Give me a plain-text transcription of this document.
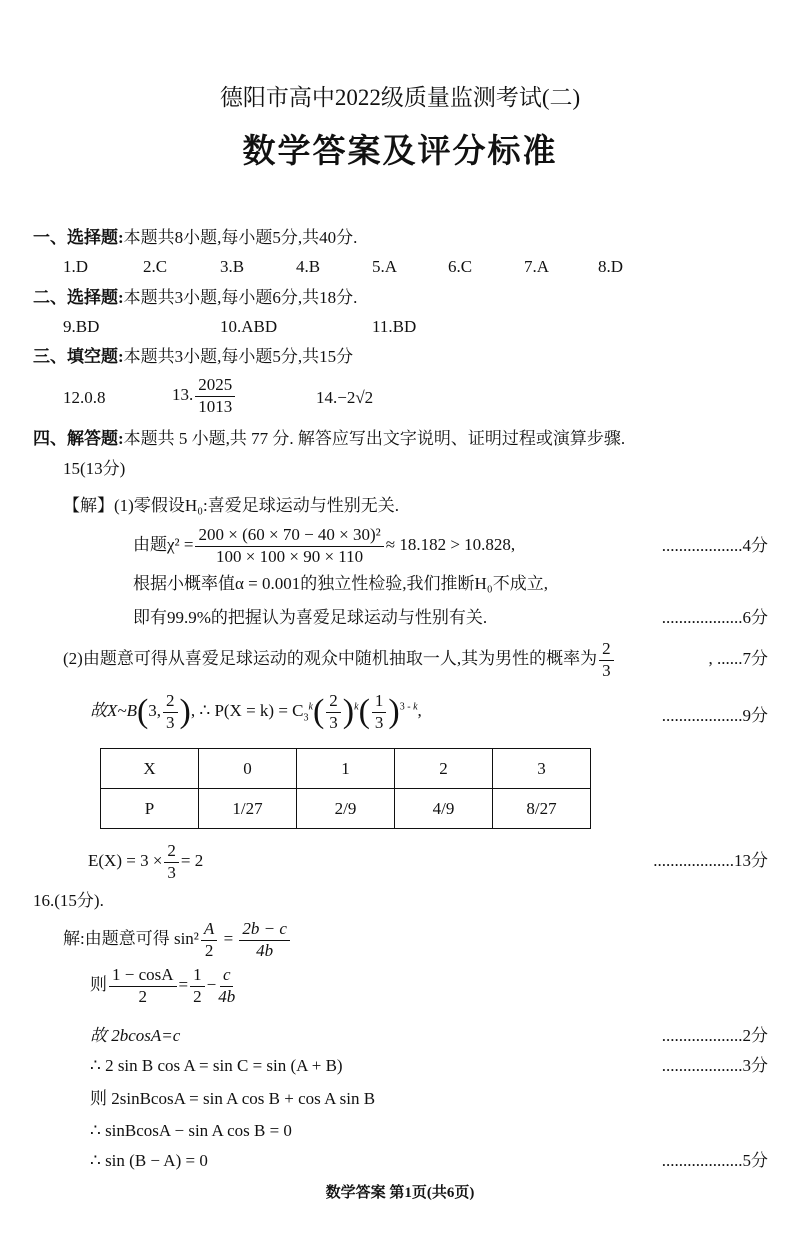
德阳市高中2022级质量监测考试(二)
数学答案及评分标准
一、选择题:本题共8小题,每小题5分,共40分.
1.D	2.C	3.B	4.B	5.A	6.C	7.A	8.D
二、选择题:本题共3小题,每小题6分,共18分.
9.BD	10.ABD	11.BD
三、填空题:本题共3小题,每小题5分,共15分
12.0.8	13. $\frac{2025}{1013}$	14.−2√2
四、解答题:本题共 5 小题,共 77 分. 解答应写出文字说明、证明过程或演算步骤.
15(13分)
【解】(1)零假设H₀:喜爱足球运动与性别无关.
由题$\chi^2 = \frac{\text{200 × (60 × 70 − 40 × 30)²}}{100 \times 100 \times 90 \times 110} \approx 18.182 > 10.828$,	...................4分
根据小概率值α = 0.001的独立性检验,我们推断H₀不成立,
即有99.9%的把握认为喜爱足球运动与性别有关.	...................6分
(2)由题意可得从喜爱足球运动的观众中随机抽取一人,其为男性的概率为 $\frac{2}{3}$	, ......7分
故X~B(3, $\frac{2}{3}$ ), ∴ $P(X = k) = C_3^k( \frac{2}{3} )^k( \frac{1}{3} )^{3 - k}$,	...................9分
X	0	1	2	3
P	1/27	2/9	4/9	8/27
$E(X) = 3 \times \frac{2}{3} = 2$	...................13分
16.(15分).
解:由题意可得 $\sin^2 \frac{A}{2} = \frac{2b - c}{4b}$
则 $\frac{1 - \cos A}{2} = \frac{1}{2} - \frac{c}{4b}$
故 2bcosA=c	...................2分
∴ 2 sin B cos A = sin C = sin (A + B)	...................3分
则 2sinBcosA = sin A cos B + cos A sin B
∴ sinBcosA − sin A cos B = 0
∴ sin (B − A) = 0	...................5分
数学答案 第1页(共6页)
